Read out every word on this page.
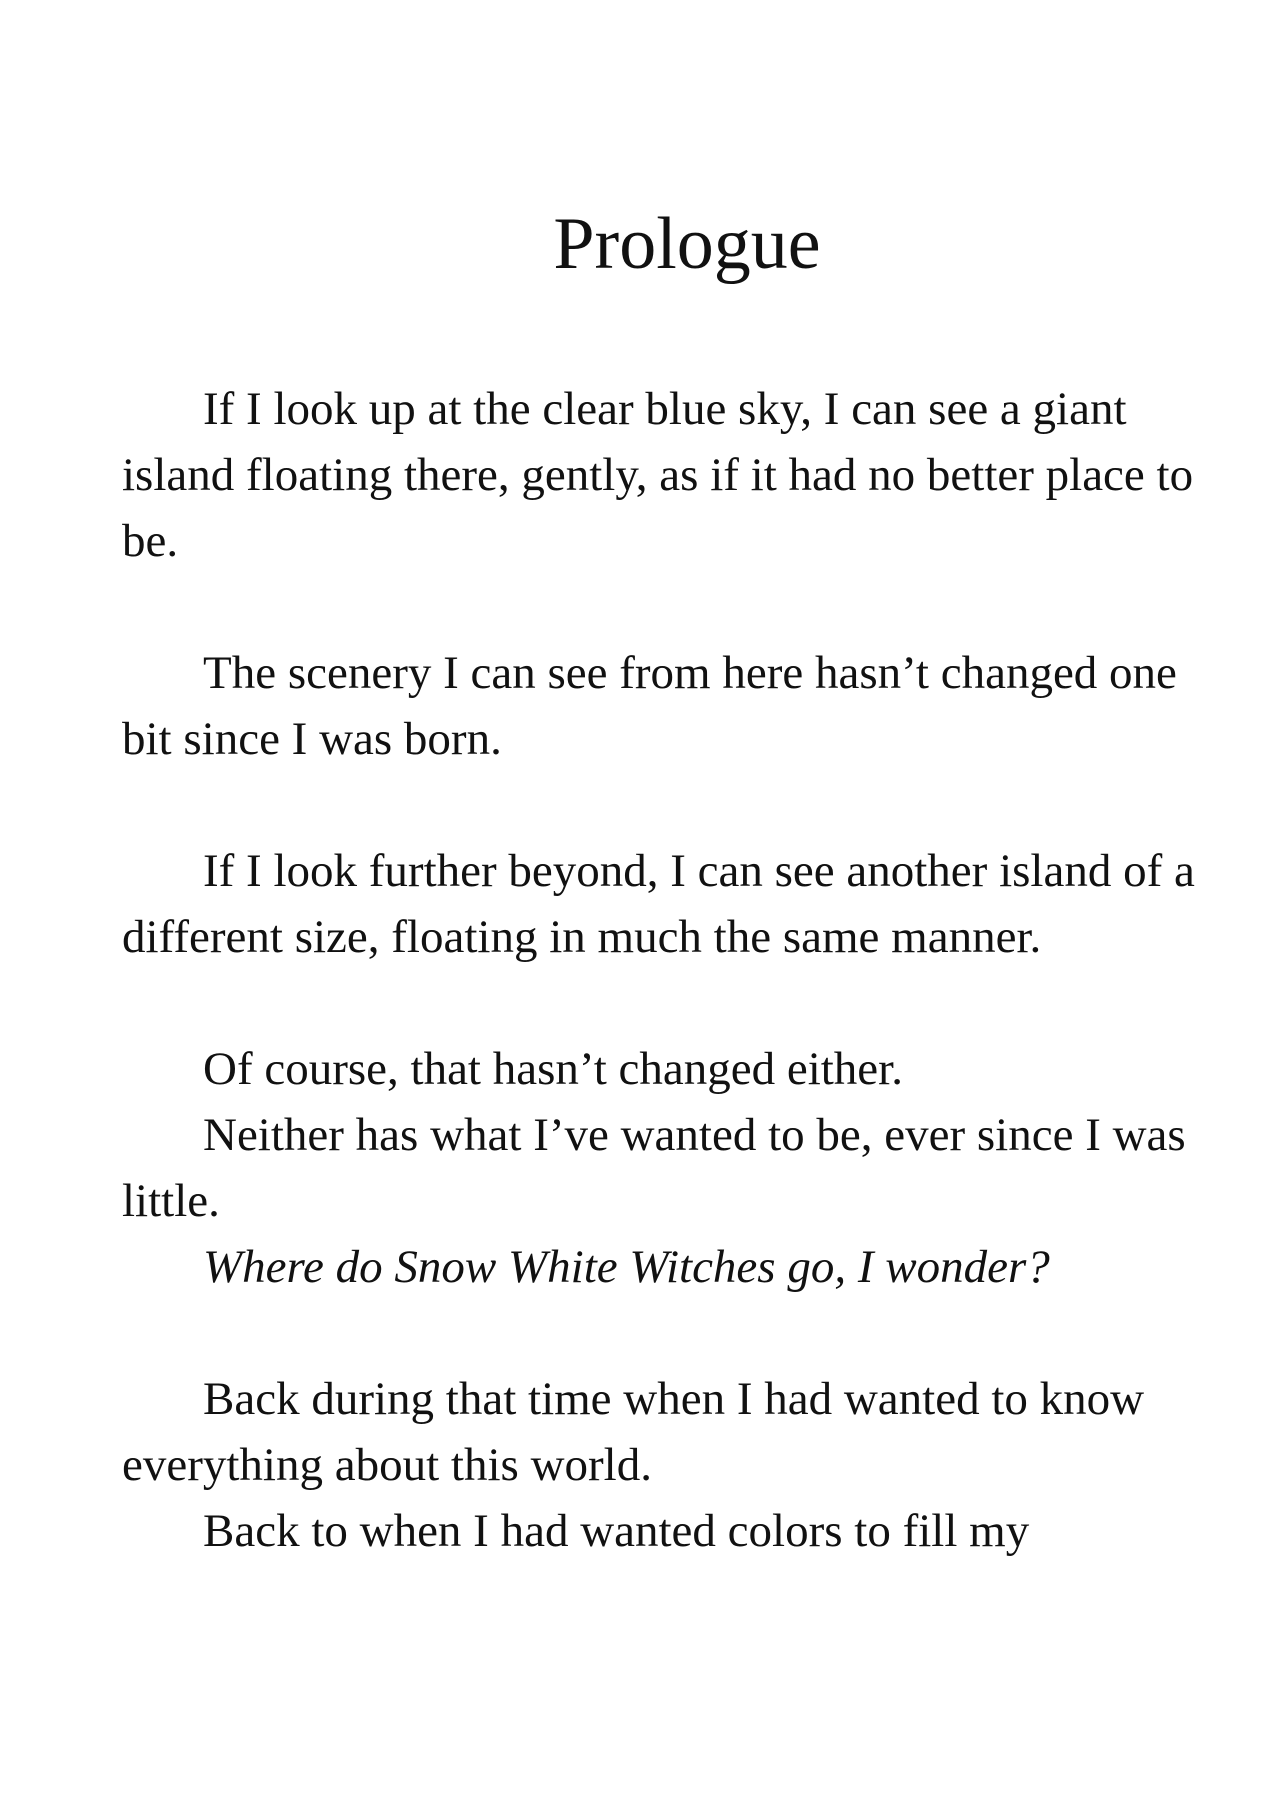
Prologue

If I look up at the clear blue sky, I can see a giant island floating there, gently, as if it had no better place to be.

The scenery I can see from here hasn’t changed one bit since I was born.

If I look further beyond, I can see another island of a different size, floating in much the same manner.

Of course, that hasn’t changed either.

Neither has what I’ve wanted to be, ever since I was little.

Where do Snow White Witches go, I wonder?

Back during that time when I had wanted to know everything about this world.

Back to when I had wanted colors to fill my
